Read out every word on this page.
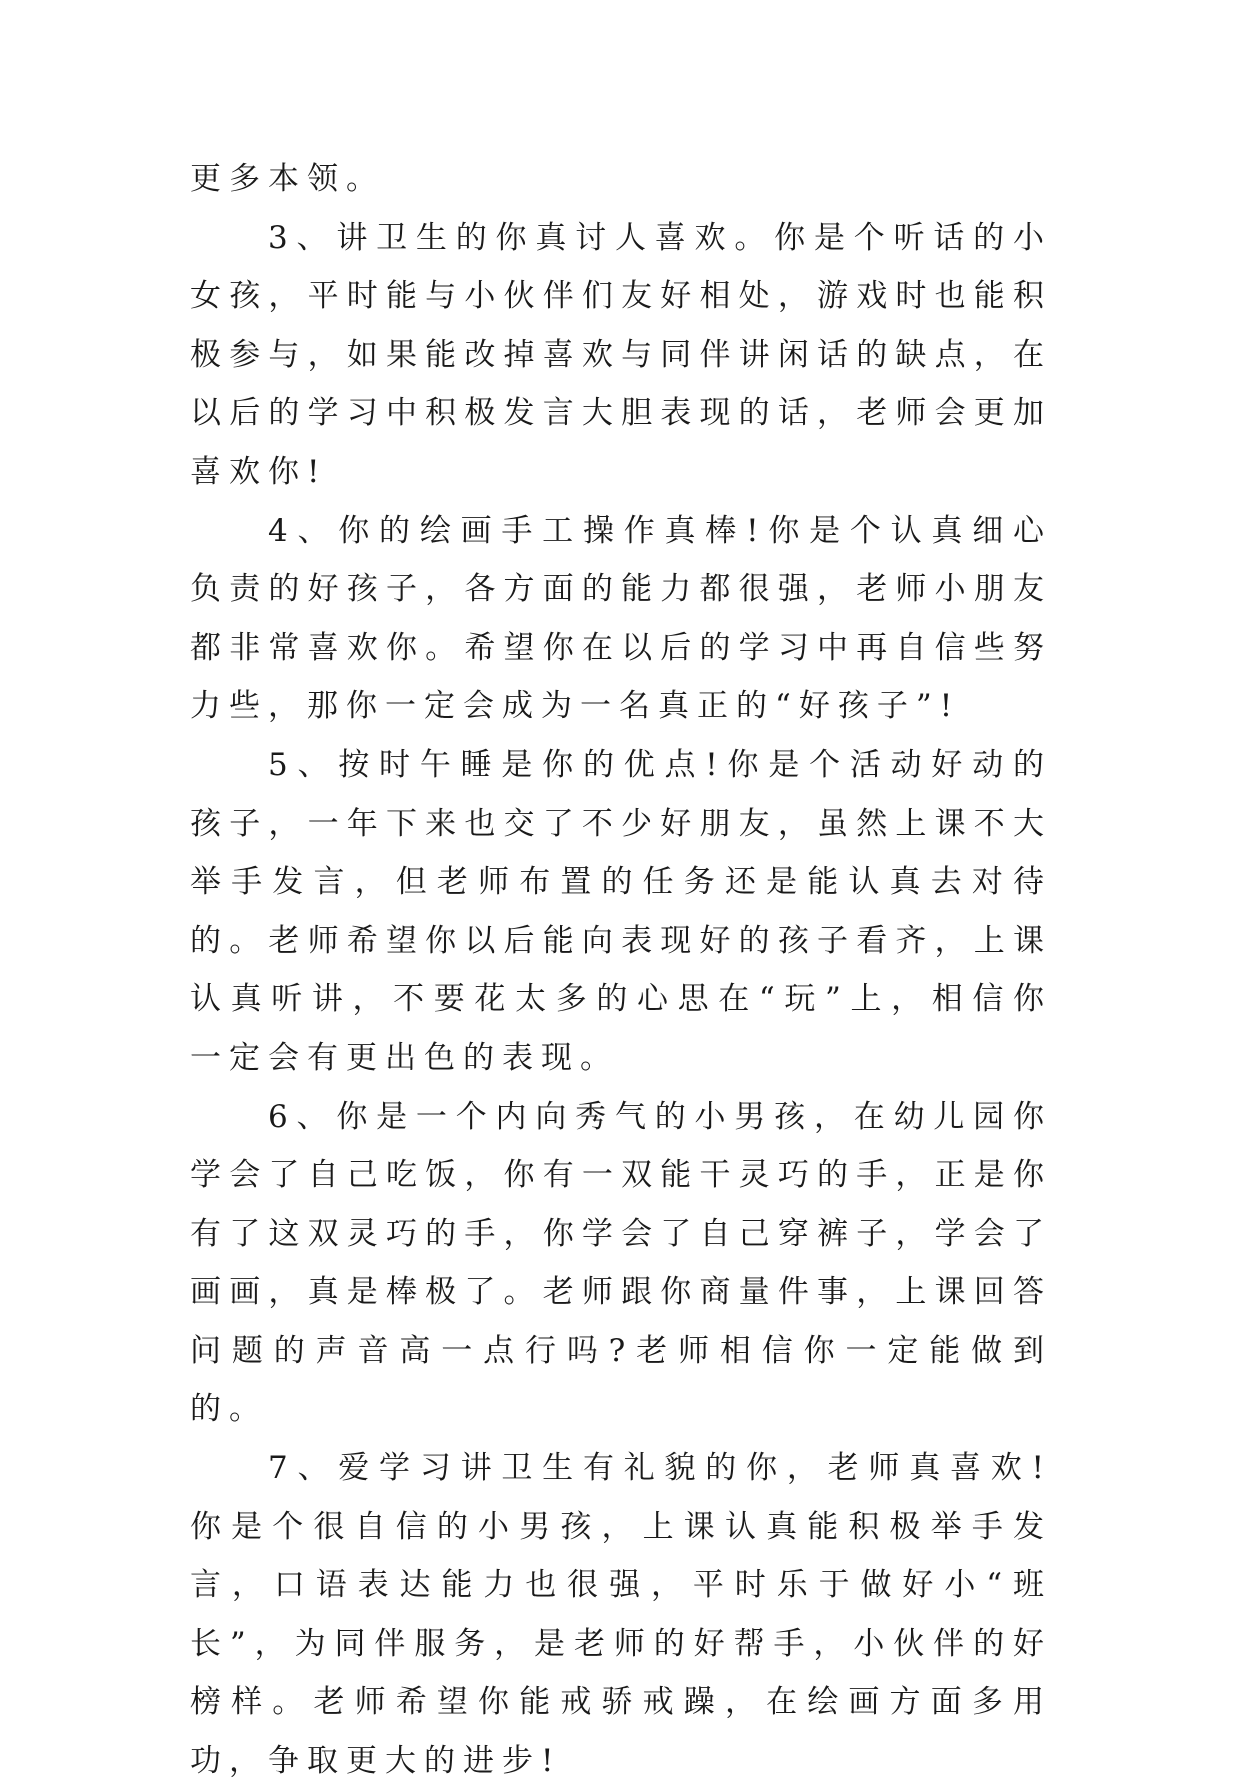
更多本领。

3、讲卫生的你真讨人喜欢。你是个听话的小女孩，平时能与小伙伴们友好相处，游戏时也能积极参与，如果能改掉喜欢与同伴讲闲话的缺点，在以后的学习中积极发言大胆表现的话，老师会更加喜欢你!

4、你的绘画手工操作真棒!你是个认真细心负责的好孩子，各方面的能力都很强，老师小朋友都非常喜欢你。希望你在以后的学习中再自信些努力些，那你一定会成为一名真正的“好孩子”!

5、按时午睡是你的优点!你是个活动好动的孩子，一年下来也交了不少好朋友，虽然上课不大举手发言，但老师布置的任务还是能认真去对待的。老师希望你以后能向表现好的孩子看齐，上课认真听讲，不要花太多的心思在“玩”上，相信你一定会有更出色的表现。

6、你是一个内向秀气的小男孩，在幼儿园你学会了自己吃饭，你有一双能干灵巧的手，正是你有了这双灵巧的手，你学会了自己穿裤子，学会了画画，真是棒极了。老师跟你商量件事，上课回答问题的声音高一点行吗?老师相信你一定能做到的。

7、爱学习讲卫生有礼貌的你，老师真喜欢!你是个很自信的小男孩，上课认真能积极举手发言，口语表达能力也很强，平时乐于做好小“班长”，为同伴服务，是老师的好帮手，小伙伴的好榜样。老师希望你能戒骄戒躁，在绘画方面多用功，争取更大的进步!
